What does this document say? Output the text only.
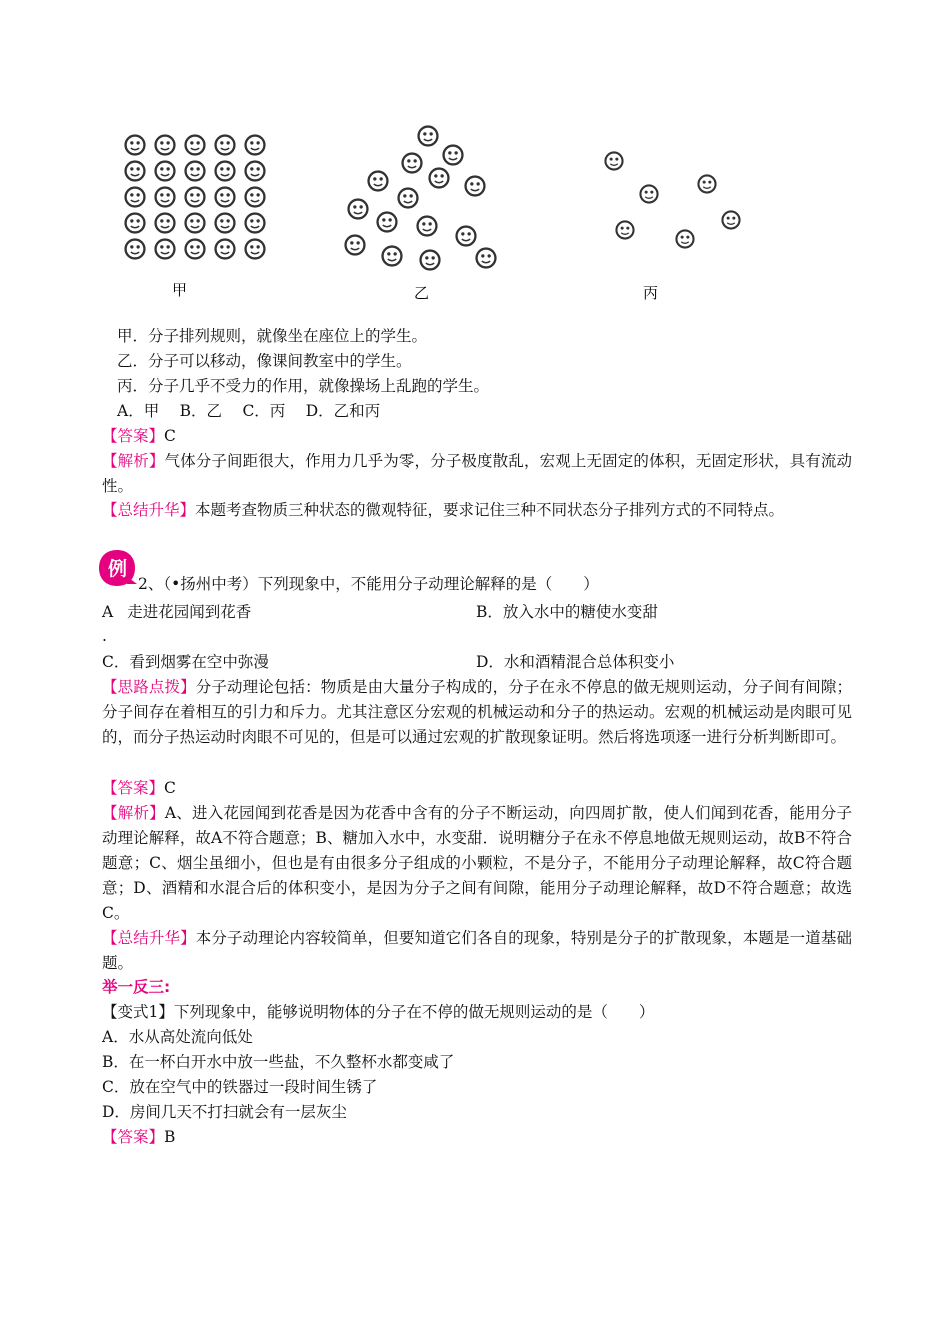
甲	乙	丙
甲．分子排列规则，就像坐在座位上的学生。
乙．分子可以移动，像课间教室中的学生。
丙．分子几乎不受力的作用，就像操场上乱跑的学生。
A．甲　 B．乙　 C．丙　 D．乙和丙
【答案】C
【解析】气体分子间距很大，作用力几乎为零，分子极度散乱，宏观上无固定的体积，无固定形状，具有流动性。
【总结升华】本题考查物质三种状态的微观特征，要求记住三种不同状态分子排列方式的不同特点。
例
2、（•扬州中考）下列现象中，不能用分子动理论解释的是（　　）
A 走进花园闻到花香
.
B．放入水中的糖使水变甜
C．看到烟雾在空中弥漫	D．水和酒精混合总体积变小
【思路点拨】分子动理论包括：物质是由大量分子构成的，分子在永不停息的做无规则运动，分子间有间隙；分子间存在着相互的引力和斥力。尤其注意区分宏观的机械运动和分子的热运动。宏观的机械运动是肉眼可见的，而分子热运动时肉眼不可见的，但是可以通过宏观的扩散现象证明。然后将选项逐一进行分析判断即可。
【答案】C
【解析】A、进入花园闻到花香是因为花香中含有的分子不断运动，向四周扩散，使人们闻到花香，能用分子动理论解释，故A不符合题意；B、糖加入水中，水变甜．说明糖分子在永不停息地做无规则运动，故B不符合题意；C、烟尘虽细小，但也是有由很多分子组成的小颗粒，不是分子，不能用分子动理论解释，故C符合题意；D、酒精和水混合后的体积变小，是因为分子之间有间隙，能用分子动理论解释，故D不符合题意；故选C。
【总结升华】本分子动理论内容较简单，但要知道它们各自的现象，特别是分子的扩散现象，本题是一道基础题。
举一反三:
【变式1】下列现象中，能够说明物体的分子在不停的做无规则运动的是（　　）
A．水从高处流向低处
B．在一杯白开水中放一些盐，不久整杯水都变咸了
C．放在空气中的铁器过一段时间生锈了
D．房间几天不打扫就会有一层灰尘
【答案】B
